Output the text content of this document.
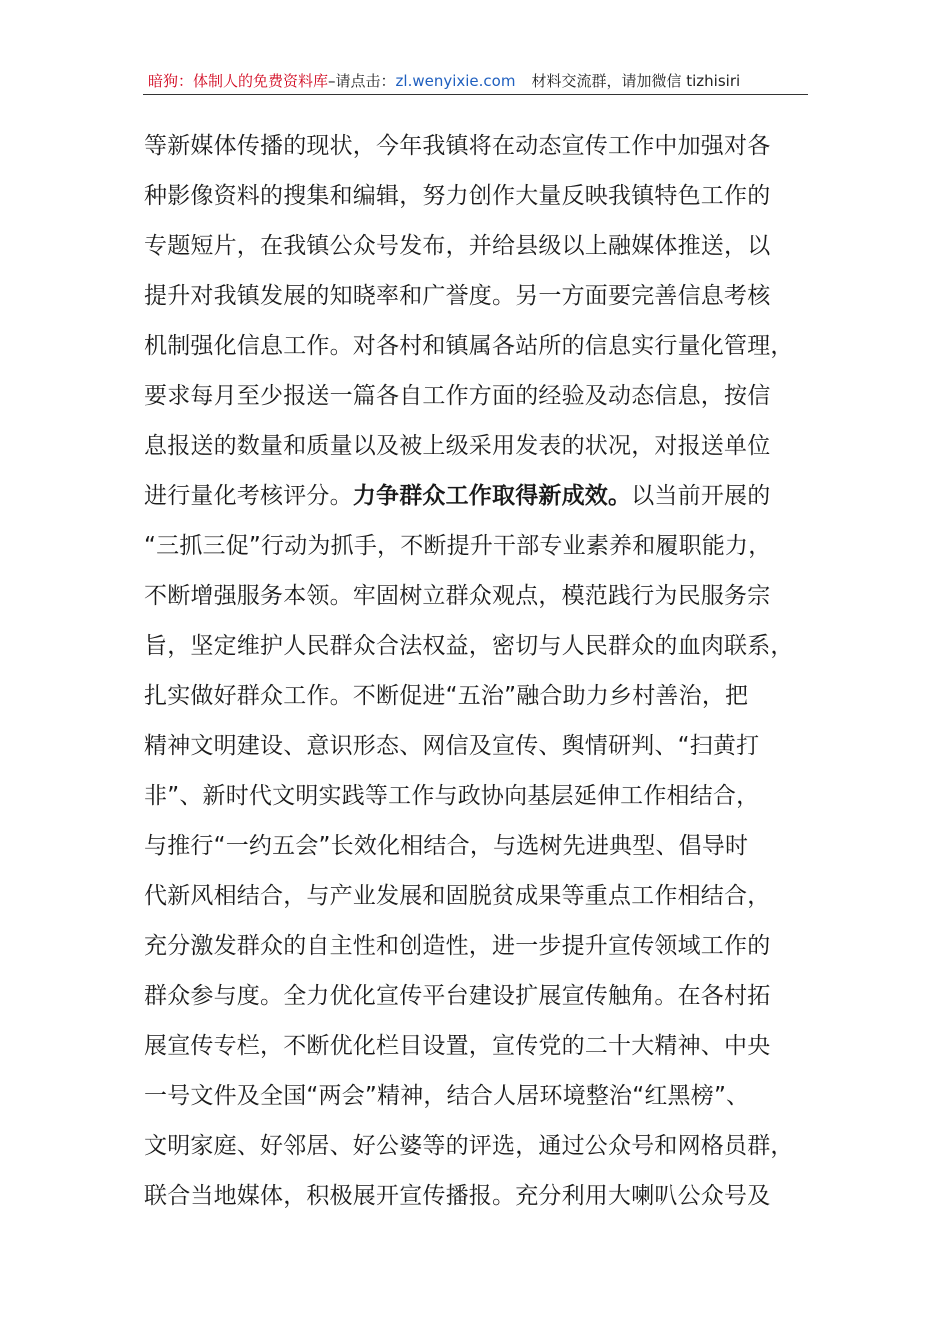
暗狗：体制人的免费资料库–请点击：zl.wenyixie.com 材料交流群，请加微信 tizhisiri
等新媒体传播的现状，今年我镇将在动态宣传工作中加强对各
种影像资料的搜集和编辑，努力创作大量反映我镇特色工作的
专题短片，在我镇公众号发布，并给县级以上融媒体推送，以
提升对我镇发展的知晓率和广誉度。另一方面要完善信息考核
机制强化信息工作。对各村和镇属各站所的信息实行量化管理，
要求每月至少报送一篇各自工作方面的经验及动态信息，按信
息报送的数量和质量以及被上级采用发表的状况，对报送单位
进行量化考核评分。力争群众工作取得新成效。以当前开展的
“三抓三促”行动为抓手，不断提升干部专业素养和履职能力，
不断增强服务本领。牢固树立群众观点，模范践行为民服务宗
旨，坚定维护人民群众合法权益，密切与人民群众的血肉联系，
扎实做好群众工作。不断促进“五治”融合助力乡村善治，把
精神文明建设、意识形态、网信及宣传、舆情研判、“扫黄打
非”、新时代文明实践等工作与政协向基层延伸工作相结合，
与推行“一约五会”长效化相结合，与选树先进典型、倡导时
代新风相结合，与产业发展和固脱贫成果等重点工作相结合，
充分激发群众的自主性和创造性，进一步提升宣传领域工作的
群众参与度。全力优化宣传平台建设扩展宣传触角。在各村拓
展宣传专栏，不断优化栏目设置，宣传党的二十大精神、中央
一号文件及全国“两会”精神，结合人居环境整治“红黑榜”、
文明家庭、好邻居、好公婆等的评选，通过公众号和网格员群，
联合当地媒体，积极展开宣传播报。充分利用大喇叭公众号及
